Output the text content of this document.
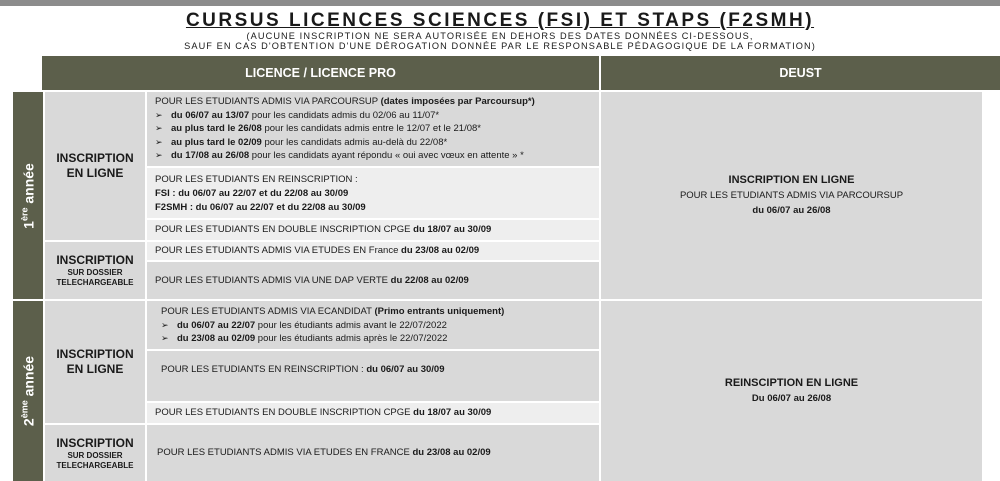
CURSUS LICENCES SCIENCES (FSI) ET STAPS (F2SMH)
(AUCUNE INSCRIPTION NE SERA AUTORISÉE EN DEHORS DES DATES DONNÉES CI-DESSOUS,
SAUF EN CAS D'OBTENTION D'UNE DÉROGATION DONNÉE PAR LE RESPONSABLE PÉDAGOGIQUE DE LA FORMATION)
LICENCE / LICENCE PRO	DEUST
1ère année
INSCRIPTION
EN LIGNE
POUR LES ETUDIANTS ADMIS VIA PARCOURSUP (dates imposées par Parcoursup*)
➢ du 06/07 au 13/07 pour les candidats admis du 02/06 au 11/07*
➢ au plus tard le 26/08 pour les candidats admis entre le 12/07 et le 21/08*
➢ au plus tard le 02/09 pour les candidats admis au-delà du 22/08*
➢ du 17/08 au 26/08 pour les candidats ayant répondu « oui avec vœux en attente » *
POUR LES ETUDIANTS EN REINSCRIPTION :
FSI : du 06/07 au 22/07 et du 22/08 au 30/09
F2SMH : du 06/07 au 22/07 et du 22/08 au 30/09
POUR LES ETUDIANTS EN DOUBLE INSCRIPTION CPGE
du 18/07 au 30/09
INSCRIPTION
SUR DOSSIER
TELECHARGEABLE
POUR LES ETUDIANTS ADMIS VIA ETUDES EN France
du 23/08 au 02/09
POUR LES ETUDIANTS ADMIS VIA UNE DAP VERTE
du 22/08 au 02/09
INSCRIPTION EN LIGNE
POUR LES ETUDIANTS ADMIS VIA PARCOURSUP
du 06/07 au 26/08
2ème année
INSCRIPTION
EN LIGNE
POUR LES ETUDIANTS ADMIS VIA ECANDIDAT (Primo entrants uniquement)
➢ du 06/07 au 22/07 pour les étudiants admis avant le 22/07/2022
➢ du 23/08 au 02/09 pour les étudiants admis après le 22/07/2022
POUR LES ETUDIANTS EN REINSCRIPTION : du 06/07 au 30/09
POUR LES ETUDIANTS EN DOUBLE INSCRIPTION CPGE
du 18/07 au 30/09
INSCRIPTION
SUR DOSSIER
TELECHARGEABLE
POUR LES ETUDIANTS ADMIS VIA ETUDES EN FRANCE
du 23/08 au 02/09
REINSCIPTION EN LIGNE
Du 06/07 au 26/08
